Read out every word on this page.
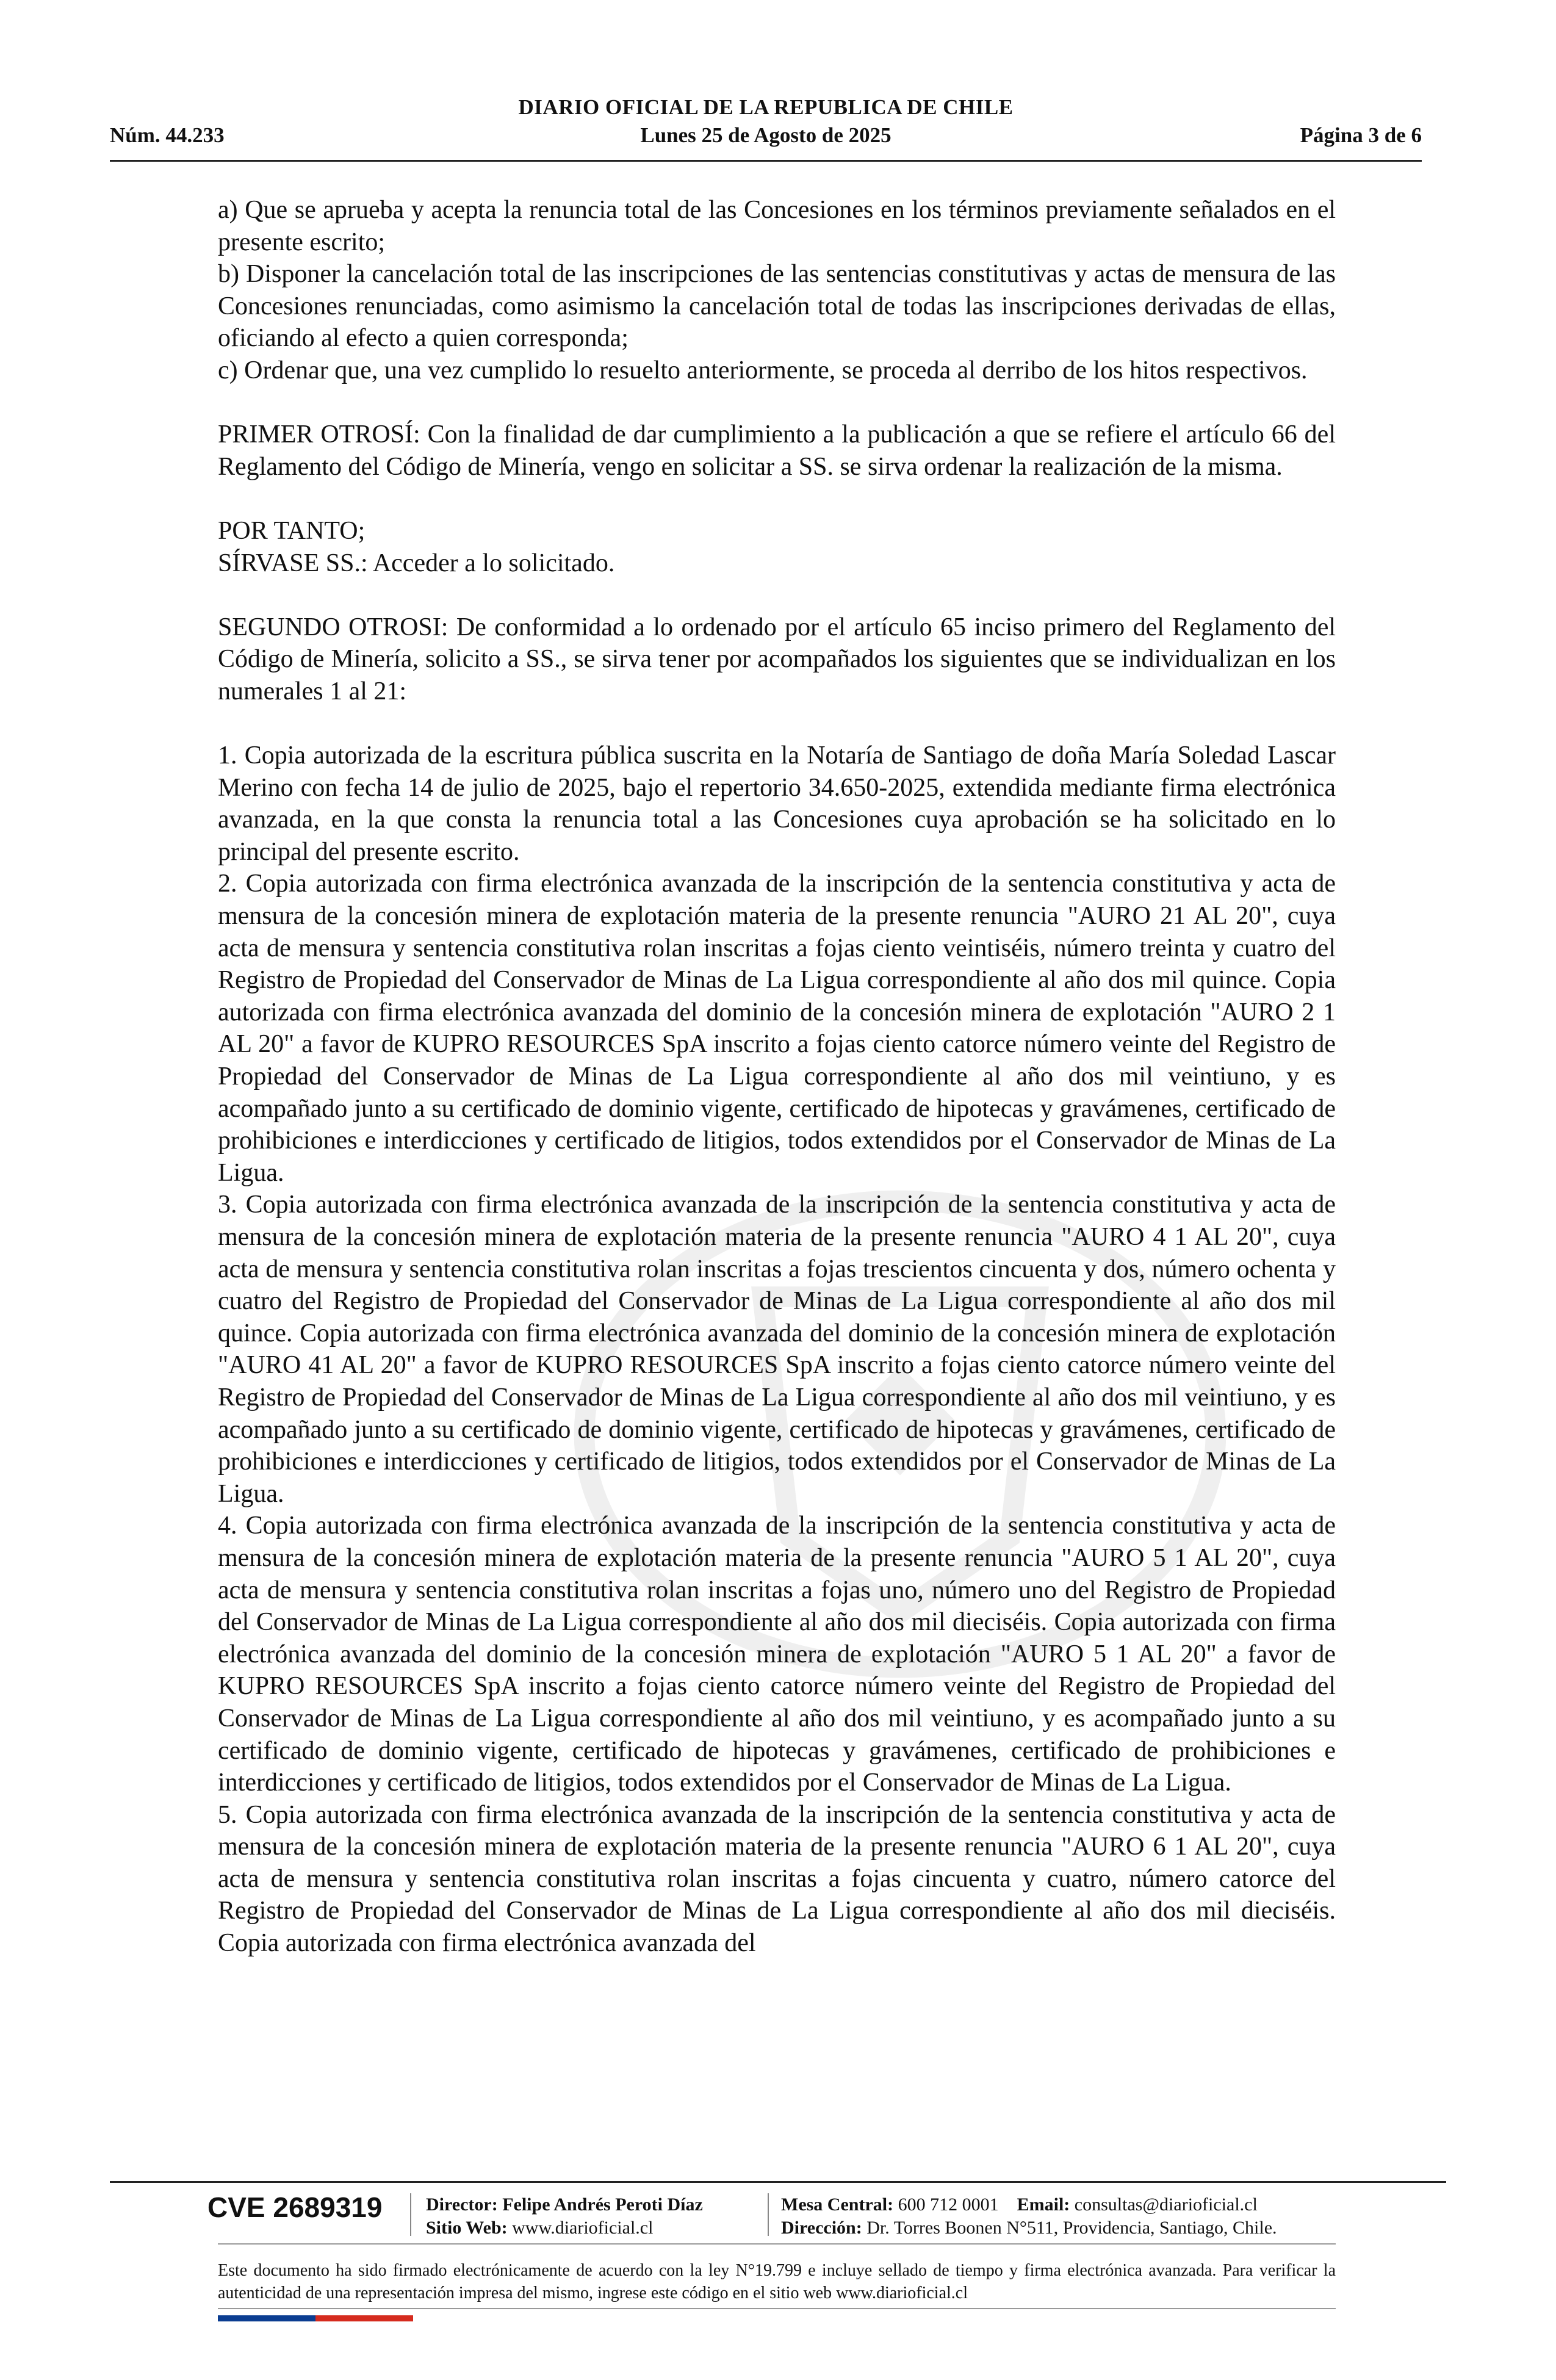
DIARIO OFICIAL DE LA REPUBLICA DE CHILE
Núm. 44.233	Lunes 25 de Agosto de 2025	Página 3 de 6

a) Que se aprueba y acepta la renuncia total de las Concesiones en los términos previamente señalados en el presente escrito;

b) Disponer la cancelación total de las inscripciones de las sentencias constitutivas y actas de mensura de las Concesiones renunciadas, como asimismo la cancelación total de todas las inscripciones derivadas de ellas, oficiando al efecto a quien corresponda;

c) Ordenar que, una vez cumplido lo resuelto anteriormente, se proceda al derribo de los hitos respectivos.

PRIMER OTROSÍ: Con la finalidad de dar cumplimiento a la publicación a que se refiere el artículo 66 del Reglamento del Código de Minería, vengo en solicitar a SS. se sirva ordenar la realización de la misma.

POR TANTO;

SÍRVASE SS.: Acceder a lo solicitado.

SEGUNDO OTROSI: De conformidad a lo ordenado por el artículo 65 inciso primero del Reglamento del Código de Minería, solicito a SS., se sirva tener por acompañados los siguientes que se individualizan en los numerales 1 al 21:

1. Copia autorizada de la escritura pública suscrita en la Notaría de Santiago de doña María Soledad Lascar Merino con fecha 14 de julio de 2025, bajo el repertorio 34.650-2025, extendida mediante firma electrónica avanzada, en la que consta la renuncia total a las Concesiones cuya aprobación se ha solicitado en lo principal del presente escrito.

2. Copia autorizada con firma electrónica avanzada de la inscripción de la sentencia constitutiva y acta de mensura de la concesión minera de explotación materia de la presente renuncia "AURO 21 AL 20", cuya acta de mensura y sentencia constitutiva rolan inscritas a fojas ciento veintiséis, número treinta y cuatro del Registro de Propiedad del Conservador de Minas de La Ligua correspondiente al año dos mil quince. Copia autorizada con firma electrónica avanzada del dominio de la concesión minera de explotación "AURO 2 1 AL 20" a favor de KUPRO RESOURCES SpA inscrito a fojas ciento catorce número veinte del Registro de Propiedad del Conservador de Minas de La Ligua correspondiente al año dos mil veintiuno, y es acompañado junto a su certificado de dominio vigente, certificado de hipotecas y gravámenes, certificado de prohibiciones e interdicciones y certificado de litigios, todos extendidos por el Conservador de Minas de La Ligua.

3. Copia autorizada con firma electrónica avanzada de la inscripción de la sentencia constitutiva y acta de mensura de la concesión minera de explotación materia de la presente renuncia "AURO 4 1 AL 20", cuya acta de mensura y sentencia constitutiva rolan inscritas a fojas trescientos cincuenta y dos, número ochenta y cuatro del Registro de Propiedad del Conservador de Minas de La Ligua correspondiente al año dos mil quince. Copia autorizada con firma electrónica avanzada del dominio de la concesión minera de explotación "AURO 41 AL 20" a favor de KUPRO RESOURCES SpA inscrito a fojas ciento catorce número veinte del Registro de Propiedad del Conservador de Minas de La Ligua correspondiente al año dos mil veintiuno, y es acompañado junto a su certificado de dominio vigente, certificado de hipotecas y gravámenes, certificado de prohibiciones e interdicciones y certificado de litigios, todos extendidos por el Conservador de Minas de La Ligua.

4. Copia autorizada con firma electrónica avanzada de la inscripción de la sentencia constitutiva y acta de mensura de la concesión minera de explotación materia de la presente renuncia "AURO 5 1 AL 20", cuya acta de mensura y sentencia constitutiva rolan inscritas a fojas uno, número uno del Registro de Propiedad del Conservador de Minas de La Ligua correspondiente al año dos mil dieciséis. Copia autorizada con firma electrónica avanzada del dominio de la concesión minera de explotación "AURO 5 1 AL 20" a favor de KUPRO RESOURCES SpA inscrito a fojas ciento catorce número veinte del Registro de Propiedad del Conservador de Minas de La Ligua correspondiente al año dos mil veintiuno, y es acompañado junto a su certificado de dominio vigente, certificado de hipotecas y gravámenes, certificado de prohibiciones e interdicciones y certificado de litigios, todos extendidos por el Conservador de Minas de La Ligua.

5. Copia autorizada con firma electrónica avanzada de la inscripción de la sentencia constitutiva y acta de mensura de la concesión minera de explotación materia de la presente renuncia "AURO 6 1 AL 20", cuya acta de mensura y sentencia constitutiva rolan inscritas a fojas cincuenta y cuatro, número catorce del Registro de Propiedad del Conservador de Minas de La Ligua correspondiente al año dos mil dieciséis. Copia autorizada con firma electrónica avanzada del

CVE 2689319 Director: Felipe Andrés Peroti Díaz
Sitio Web: www.diarioficial.cl
Mesa Central: 600 712 0001 Email: consultas@diarioficial.cl
Dirección: Dr. Torres Boonen N°511, Providencia, Santiago, Chile.
Este documento ha sido firmado electrónicamente de acuerdo con la ley N°19.799 e incluye sellado de tiempo y firma electrónica avanzada. Para verificar la autenticidad de una representación impresa del mismo, ingrese este código en el sitio web www.diarioficial.cl
